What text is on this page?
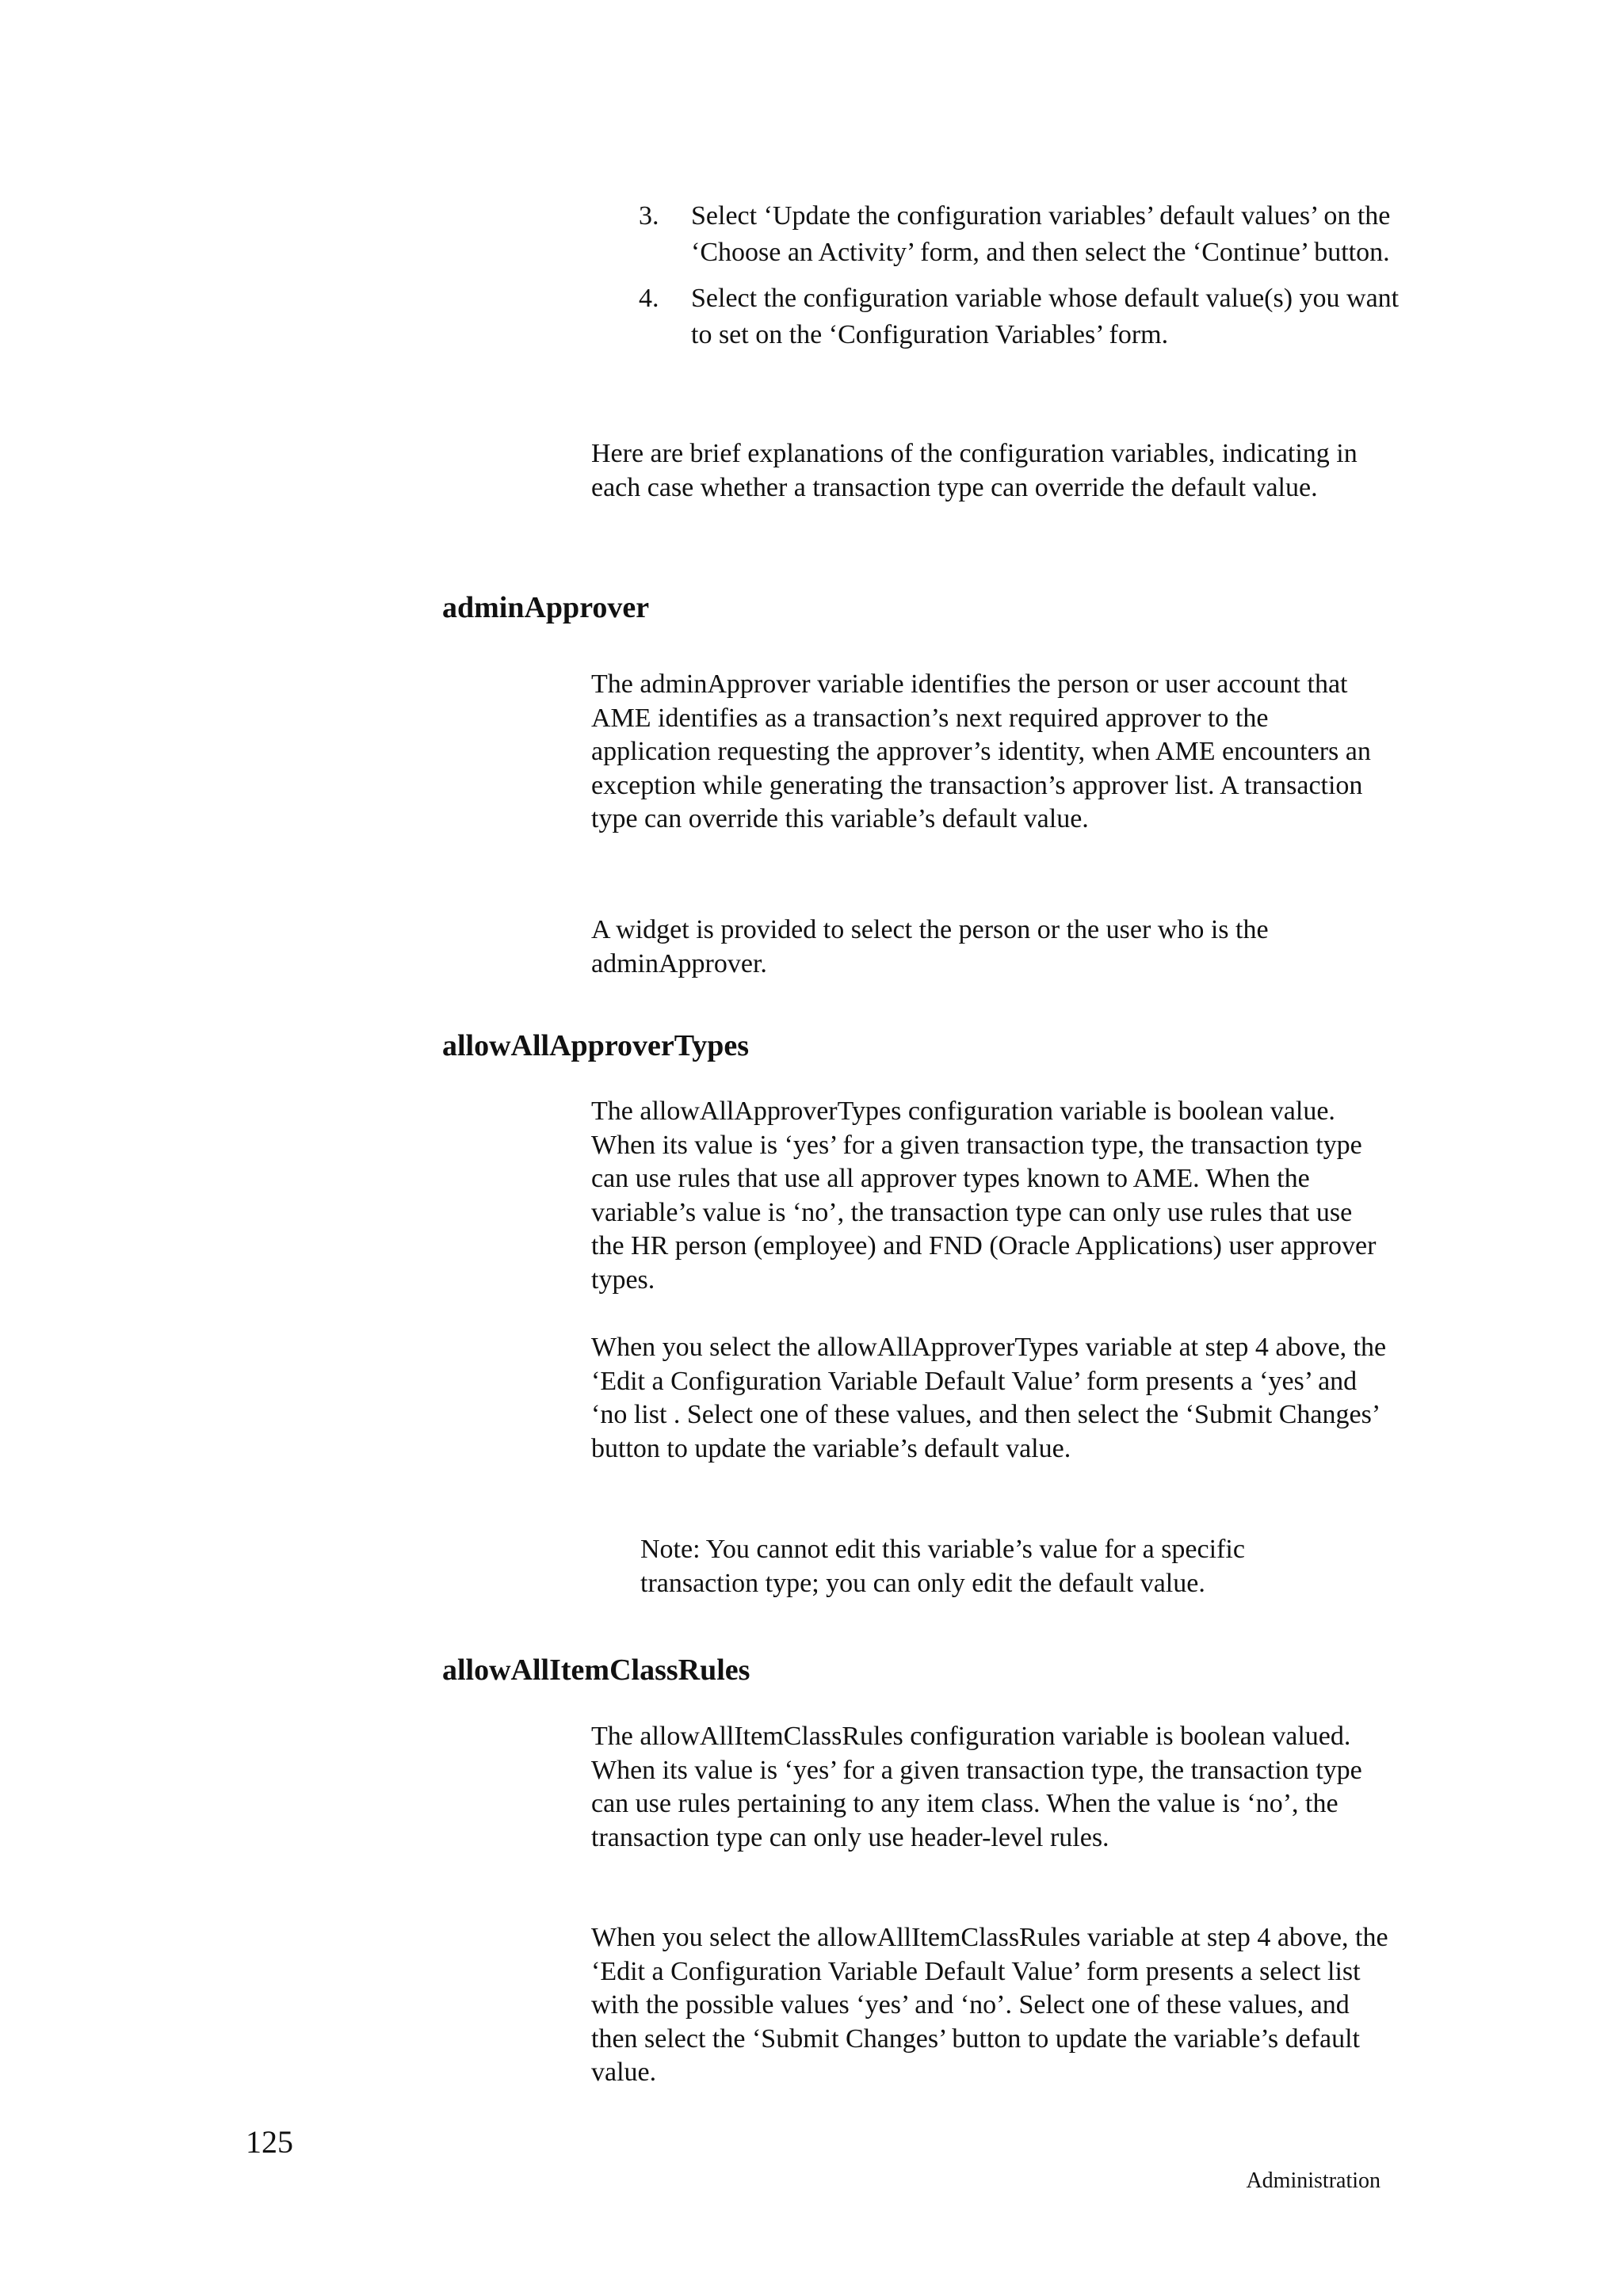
3. Select ‘Update the configuration variables’ default values’ on the ‘Choose an Activity’ form, and then select the ‘Continue’ button.
4. Select the configuration variable whose default value(s) you want to set on the ‘Configuration Variables’ form.

Here are brief explanations of the configuration variables, indicating in each case whether a transaction type can override the default value.

adminApprover

The adminApprover variable identifies the person or user account that AME identifies as a transaction’s next required approver to the application requesting the approver’s identity, when AME encounters an exception while generating the transaction’s approver list. A transaction type can override this variable’s default value.

A widget is provided to select the person or the user who is the adminApprover.

allowAllApproverTypes

The allowAllApproverTypes configuration variable is boolean value. When its value is ‘yes’ for a given transaction type, the transaction type can use rules that use all approver types known to AME. When the variable’s value is ‘no’, the transaction type can only use rules that use the HR person (employee) and FND (Oracle Applications) user approver types.

When you select the allowAllApproverTypes variable at step 4 above, the ‘Edit a Configuration Variable Default Value’ form presents a ‘yes’ and ‘no list . Select one of these values, and then select the ‘Submit Changes’ button to update the variable’s default value.

Note: You cannot edit this variable’s value for a specific transaction type; you can only edit the default value.

allowAllItemClassRules

The allowAllItemClassRules configuration variable is boolean valued. When its value is ‘yes’ for a given transaction type, the transaction type can use rules pertaining to any item class. When the value is ‘no’, the transaction type can only use header-level rules.

When you select the allowAllItemClassRules variable at step 4 above, the ‘Edit a Configuration Variable Default Value’ form presents a select list with the possible values ‘yes’ and ‘no’. Select one of these values, and then select the ‘Submit Changes’ button to update the variable’s default value.

125
Administration
